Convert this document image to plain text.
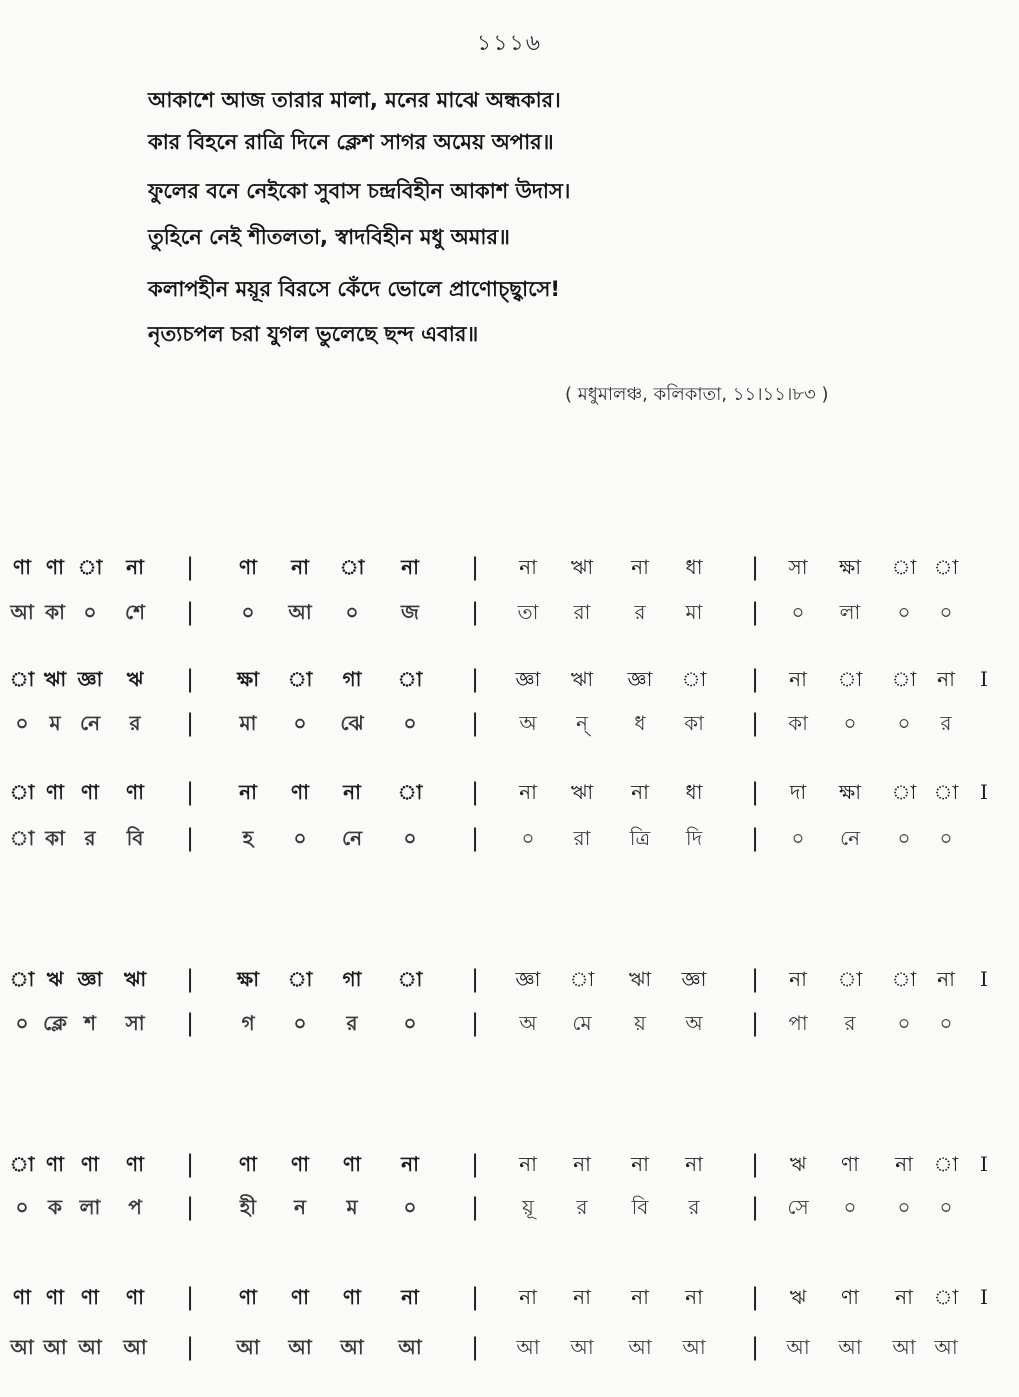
১১১৬
আকাশে আজ তারার মালা, মনের মাঝে অন্ধকার।
কার বিহনে রাত্রি দিনে ক্লেশ সাগর অমেয় অপার॥
ফুলের বনে নেইকো সুবাস চন্দ্রবিহীন আকাশ উদাস।
তুহিনে নেই শীতলতা, স্বাদবিহীন মধু অমার॥
কলাপহীন ময়ূর বিরসে কেঁদে ভোলে প্রাণোচ্ছ্বাসে!
নৃত্যচপল চরা যুগল ভুলেছে ছন্দ এবার॥
( মধুমালঞ্চ, কলিকাতা, ১১।১১।৮৩ )
ণা ণা া না	ণা না া না	না ঋা না ধা	সা ক্ষা া া
|	|	|
আ কা ০ শে	০ আ ০ জ	তা রা র মা	০ লা ০ ০
|	|	|
া ঋা জ্ঞা ঋ	ক্ষা া গা া	জ্ঞা ঋা জ্ঞা া	না া া না
|	|	|	I
০ ম নে র	মা ০ ঝে ০	অ ন্ ধ কা	কা ০ ০ র
|	|	|
া ণা ণা ণা	না ণা না া	না ঋা না ধা	দা ক্ষা া া
|	|	|	I
া কা র বি	হ ০ নে ০	০ রা ত্রি দি	০ নে ০ ০
|	|	|
া ঋ জ্ঞা ঋা	ক্ষা া গা া	জ্ঞা া ঋা জ্ঞা	না া া না
|	|	|	I
০ ক্লে শ সা	গ ০ র ০	অ মে য় অ	পা র ০ ০
|	|	|
া ণা ণা ণা	ণা ণা ণা না	না না না না	ঋ ণা না া
|	|	|	I
০ ক লা প	হী ন ম ০	য়ূ র বি র	সে ০ ০ ০
|	|	|
ণা ণা ণা ণা	ণা ণা ণা না	না না না না	ঋ ণা না া
|	|	|	I
আ আ আ আ	আ আ আ আ	আ আ আ আ	আ আ আ আ
|	|	|
